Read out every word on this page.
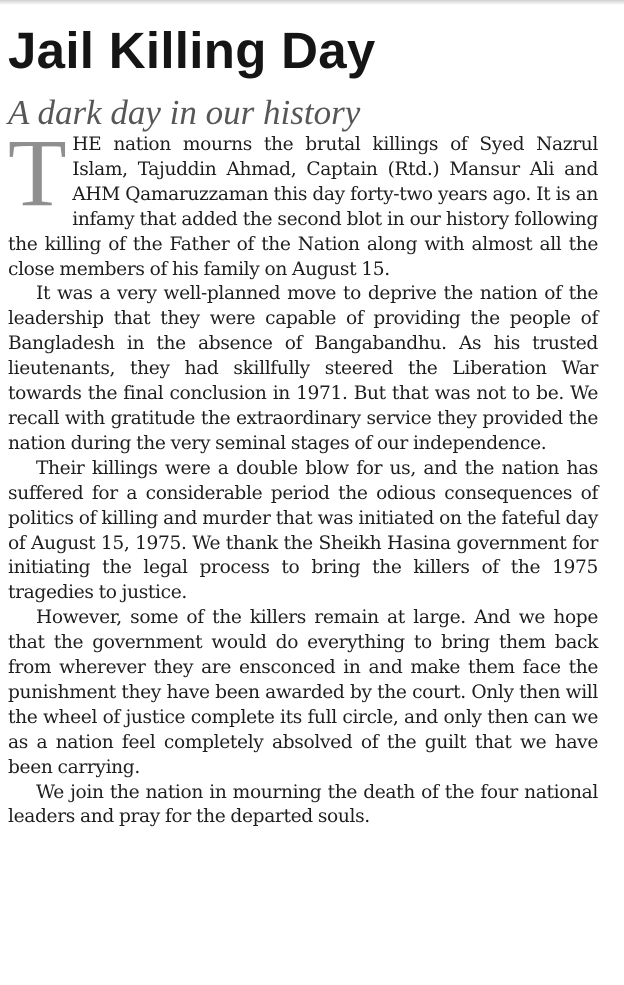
Jail Killing Day
A dark day in our history

THE nation mourns the brutal killings of Syed Nazrul Islam, Tajuddin Ahmad, Captain (Rtd.) Mansur Ali and AHM Qamaruzzaman this day forty-two years ago. It is an infamy that added the second blot in our history following the killing of the Father of the Nation along with almost all the close members of his family on August 15.

It was a very well-planned move to deprive the nation of the leadership that they were capable of providing the people of Bangladesh in the absence of Bangabandhu. As his trusted lieutenants, they had skillfully steered the Liberation War towards the final conclusion in 1971. But that was not to be. We recall with gratitude the extraordinary service they provided the nation during the very seminal stages of our independence.

Their killings were a double blow for us, and the nation has suffered for a considerable period the odious consequences of politics of killing and murder that was initiated on the fateful day of August 15, 1975. We thank the Sheikh Hasina government for initiating the legal process to bring the killers of the 1975 tragedies to justice.

However, some of the killers remain at large. And we hope that the government would do everything to bring them back from wherever they are ensconced in and make them face the punishment they have been awarded by the court. Only then will the wheel of justice complete its full circle, and only then can we as a nation feel completely absolved of the guilt that we have been carrying.

We join the nation in mourning the death of the four national leaders and pray for the departed souls.
